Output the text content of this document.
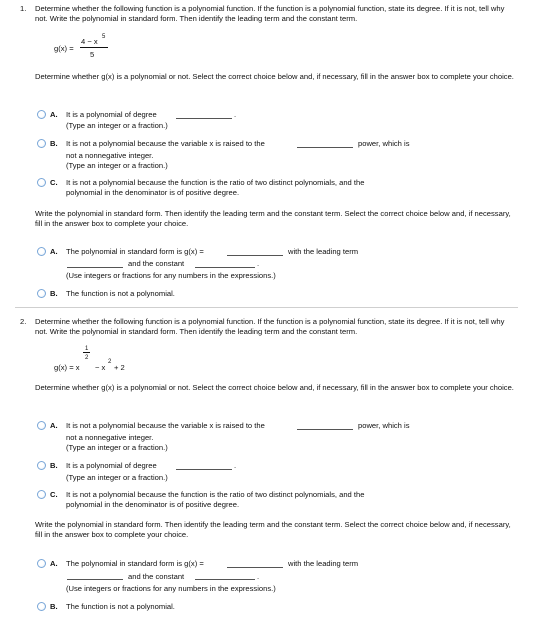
1. Determine whether the following function is a polynomial function. If the function is a polynomial function, state its degree. If it is not, tell why not. Write the polynomial in standard form. Then identify the leading term and the constant term.
g(x) =
4 − x 5
5
Determine whether g(x) is a polynomial or not. Select the correct choice below and, if necessary, fill in the answer box to complete your choice.
A. It is a polynomial of degree	.
(Type an integer or a fraction.)
B. It is not a polynomial because the variable x is raised to the	power, which is
not a nonnegative integer.
(Type an integer or a fraction.)
C. It is not a polynomial because the function is the ratio of two distinct polynomials, and the
polynomial in the denominator is of positive degree.
Write the polynomial in standard form. Then identify the leading term and the constant term. Select the correct choice below and, if necessary, fill in the answer box to complete your choice.
A. The polynomial in standard form is g(x) =	with the leading term
and the constant	.
(Use integers or fractions for any numbers in the expressions.)
B. The function is not a polynomial.
2. Determine whether the following function is a polynomial function. If the function is a polynomial function, state its degree. If it is not, tell why not. Write the polynomial in standard form. Then identify the leading term and the constant term.
g(x) = x
1
2
− x
2
+ 2
Determine whether g(x) is a polynomial or not. Select the correct choice below and, if necessary, fill in the answer box to complete your choice.
A. It is not a polynomial because the variable x is raised to the	power, which is
not a nonnegative integer.
(Type an integer or a fraction.)
B. It is a polynomial of degree	.
(Type an integer or a fraction.)
C. It is not a polynomial because the function is the ratio of two distinct polynomials, and the
polynomial in the denominator is of positive degree.
Write the polynomial in standard form. Then identify the leading term and the constant term. Select the correct choice below and, if necessary, fill in the answer box to complete your choice.
A. The polynomial in standard form is g(x) =	with the leading term
and the constant	.
(Use integers or fractions for any numbers in the expressions.)
B. The function is not a polynomial.
